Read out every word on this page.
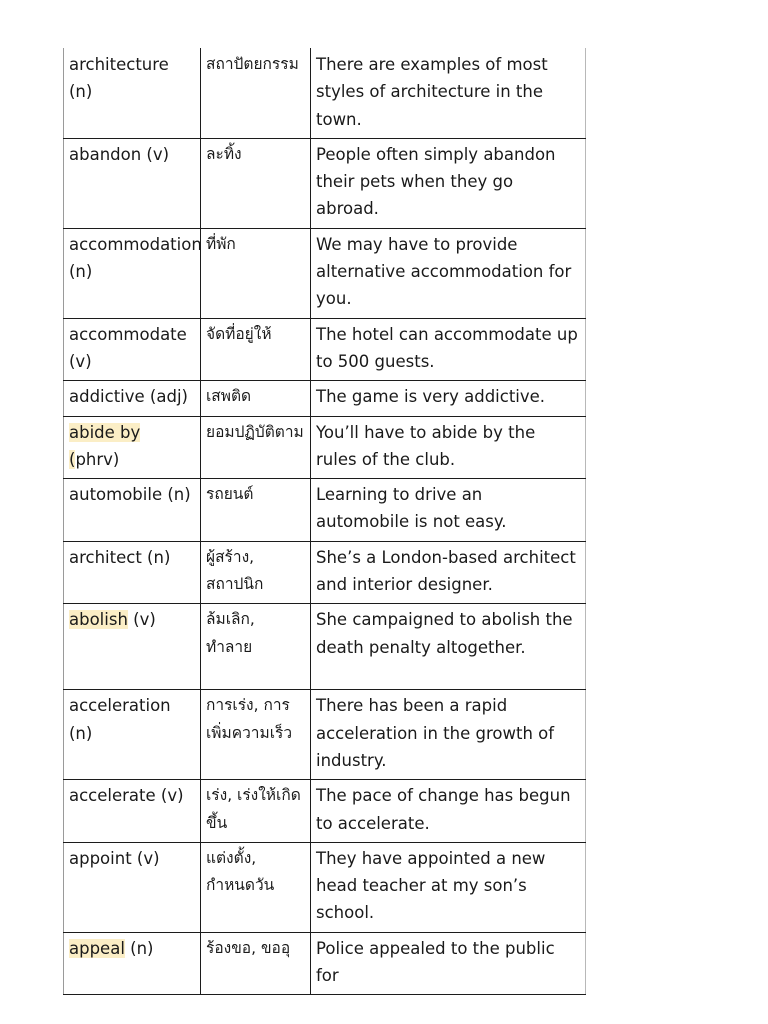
architecture (n)	สถาปัตยกรรม	There are examples of most styles of architecture in the town.
abandon (v)	ละทิ้ง	People often simply abandon their pets when they go abroad.
accommodation (n)	ที่พัก	We may have to provide alternative accommodation for you.
accommodate (v)	จัดที่อยู่ให้	The hotel can accommodate up to 500 guests.
addictive (adj)	เสพติด	The game is very addictive.
abide by (phrv)	ยอมปฏิบัติตาม	You’ll have to abide by the rules of the club.
automobile (n)	รถยนต์	Learning to drive an automobile is not easy.
architect (n)	ผู้สร้าง, สถาปนิก	She’s a London-based architect and interior designer.
abolish (v)	ล้มเลิก, ทำลาย	She campaigned to abolish the death penalty altogether.
acceleration (n)	การเร่ง, การเพิ่มความเร็ว	There has been a rapid acceleration in the growth of industry.
accelerate (v)	เร่ง, เร่งให้เกิดขึ้น	The pace of change has begun to accelerate.
appoint (v)	แต่งตั้ง, กำหนดวัน	They have appointed a new head teacher at my son’s school.
appeal (n)	ร้องขอ, ขออุ	Police appealed to the public for
